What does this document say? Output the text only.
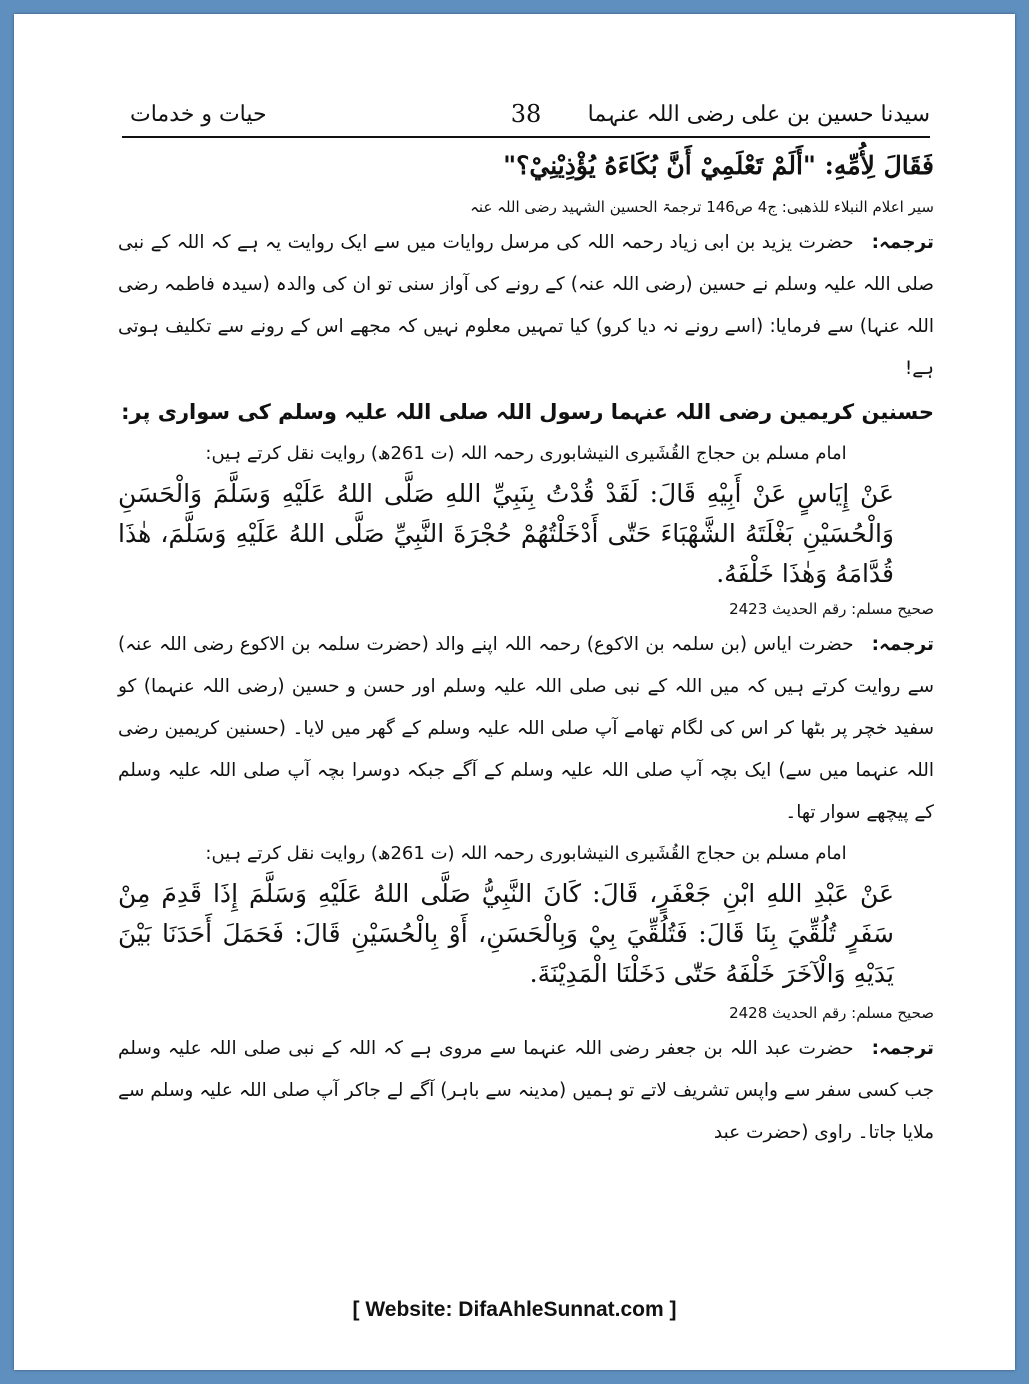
سیدنا حسین بن علی رضی اللہ عنہما
38
حیات و خدمات

فَقَالَ لِأُمِّهِ: "أَلَمْ تَعْلَمِيْ أَنَّ بُكَاءَهُ يُؤْذِيْنِيْ؟"

سیر اعلام النبلاء للذھبی: ج4 ص146 ترجمۃ الحسین الشہید رضی اللہ عنہ

ترجمہ:حضرت یزید بن ابی زیاد رحمہ اللہ کی مرسل روایات میں سے ایک روایت یہ ہے کہ اللہ کے نبی صلی اللہ علیہ وسلم نے حسین (رضی اللہ عنہ) کے رونے کی آواز سنی تو ان کی والدہ (سیدہ فاطمہ رضی اللہ عنہا) سے فرمایا: (اسے رونے نہ دیا کرو) کیا تمہیں معلوم نہیں کہ مجھے اس کے رونے سے تکلیف ہوتی ہے!

حسنین کریمین رضی اللہ عنہما رسول اللہ صلی اللہ علیہ وسلم کی سواری پر:

امام مسلم بن حجاج القُشَیری النیشابوری رحمہ اللہ (ت 261ھ) روایت نقل کرتے ہیں:

عَنْ إِيَاسٍ عَنْ أَبِيْهِ قَالَ: لَقَدْ قُدْتُ بِنَبِيِّ اللهِ صَلَّى اللهُ عَلَيْهِ وَسَلَّمَ وَالْحَسَنِ وَالْحُسَيْنِ بَغْلَتَهُ الشَّهْبَاءَ حَتّٰى أَدْخَلْتُهُمْ حُجْرَةَ النَّبِيِّ صَلَّى اللهُ عَلَيْهِ وَسَلَّمَ، هٰذَا قُدَّامَهُ وَهٰذَا خَلْفَهُ.

صحیح مسلم: رقم الحدیث 2423

ترجمہ:حضرت ایاس (بن سلمہ بن الاکوع) رحمہ اللہ اپنے والد (حضرت سلمہ بن الاکوع رضی اللہ عنہ) سے روایت کرتے ہیں کہ میں اللہ کے نبی صلی اللہ علیہ وسلم اور حسن و حسین (رضی اللہ عنہما) کو سفید خچر پر بٹھا کر اس کی لگام تھامے آپ صلی اللہ علیہ وسلم کے گھر میں لایا۔ (حسنین کریمین رضی اللہ عنہما میں سے) ایک بچہ آپ صلی اللہ علیہ وسلم کے آگے جبکہ دوسرا بچہ آپ صلی اللہ علیہ وسلم کے پیچھے سوار تھا۔

امام مسلم بن حجاج القُشَیری النیشابوری رحمہ اللہ (ت 261ھ) روایت نقل کرتے ہیں:

عَنْ عَبْدِ اللهِ ابْنِ جَعْفَرٍ، قَالَ: كَانَ النَّبِيُّ صَلَّى اللهُ عَلَيْهِ وَسَلَّمَ إِذَا قَدِمَ مِنْ سَفَرٍ تُلُقِّيَ بِنَا قَالَ: فَتُلُقِّيَ بِيْ وَبِالْحَسَنِ، أَوْ بِالْحُسَيْنِ قَالَ: فَحَمَلَ أَحَدَنَا بَيْنَ يَدَيْهِ وَالْآخَرَ خَلْفَهُ حَتّٰى دَخَلْنَا الْمَدِيْنَةَ.

صحیح مسلم: رقم الحدیث 2428

ترجمہ:حضرت عبد اللہ بن جعفر رضی اللہ عنہما سے مروی ہے کہ اللہ کے نبی صلی اللہ علیہ وسلم جب کسی سفر سے واپس تشریف لاتے تو ہمیں (مدینہ سے باہر) آگے لے جاکر آپ صلی اللہ علیہ وسلم سے ملایا جاتا۔ راوی (حضرت عبد

[ Website: DifaAhleSunnat.com ]
